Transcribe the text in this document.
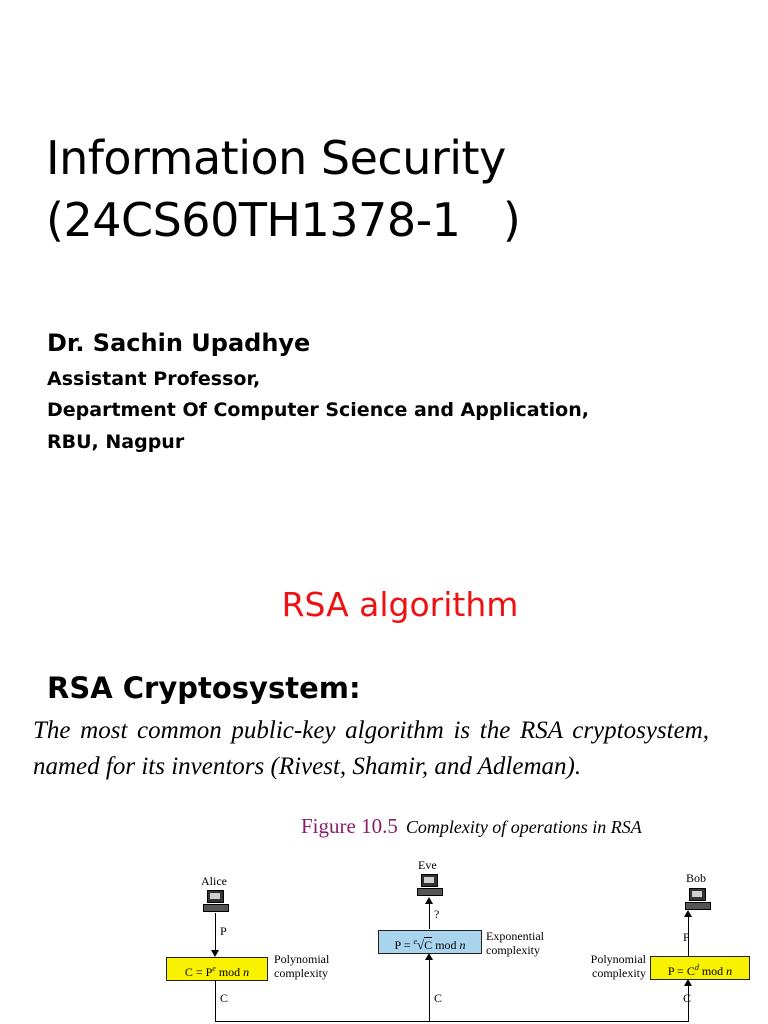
Information Security
(24CS60TH1378-1   )
Dr. Sachin Upadhye
Assistant Professor,
Department Of Computer Science and Application,
RBU, Nagpur
RSA algorithm
RSA Cryptosystem:
The most common public-key algorithm is the RSA cryptosystem, named for its inventors (Rivest, Shamir, and Adleman).
Figure 10.5 Complexity of operations in RSA
Alice
P
$C = P^e$ mod n
Polynomial complexity
C
Eve
?
P = $^e$√C mod n
Exponential complexity
C
Bob
P
$P = C^d$ mod n
Polynomial complexity
C
